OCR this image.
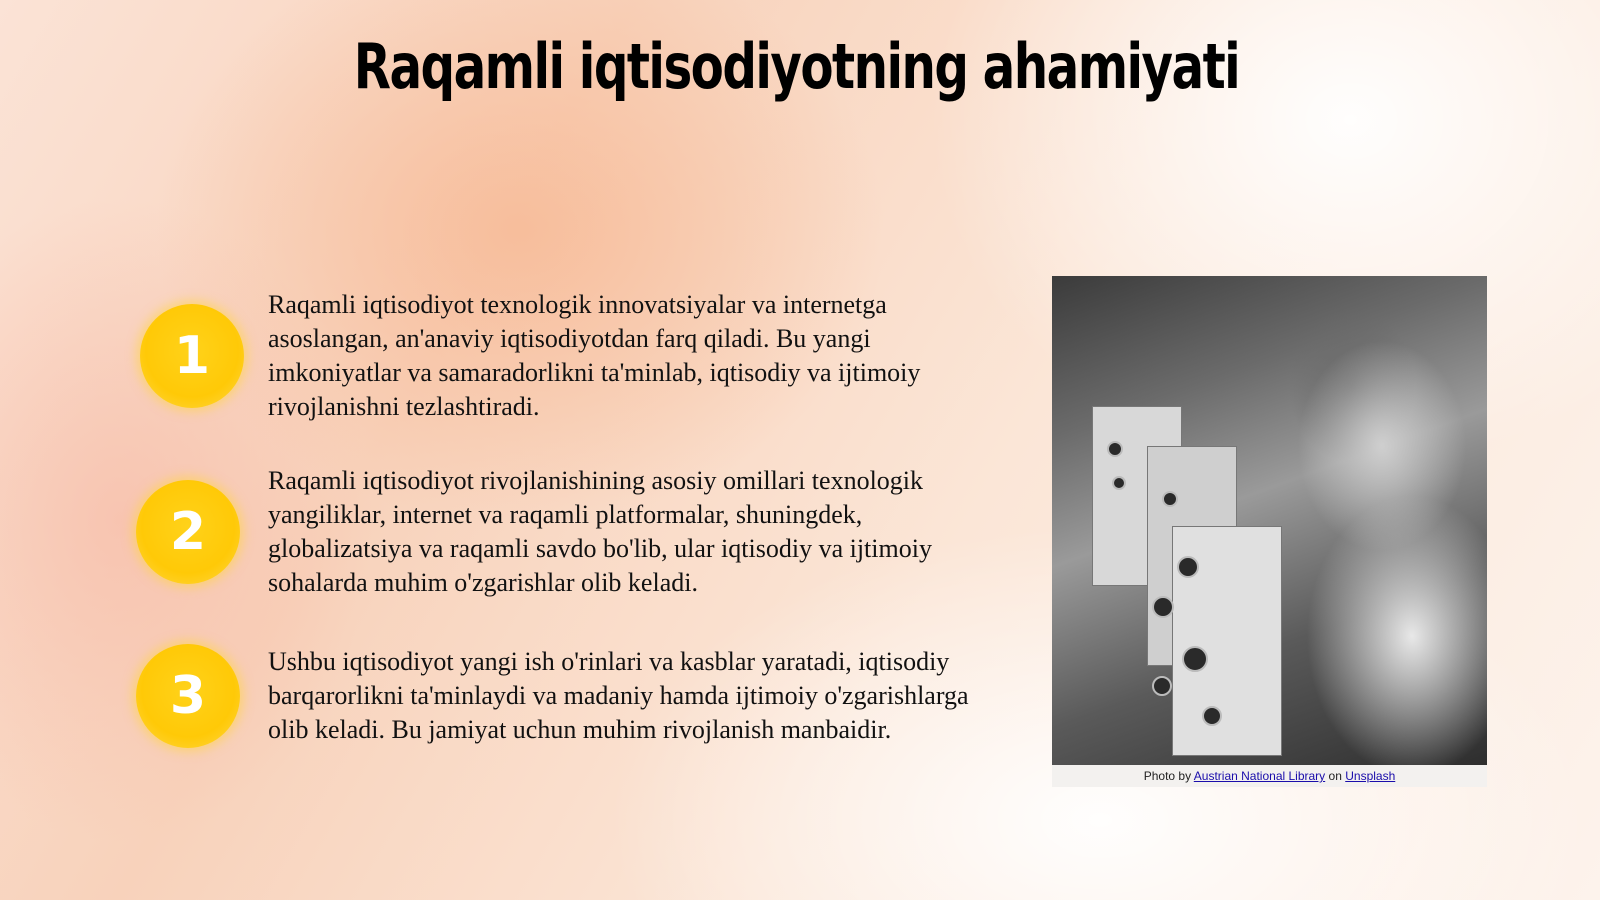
Raqamli iqtisodiyotning ahamiyati
1
Raqamli iqtisodiyot texnologik innovatsiyalar va internetga asoslangan, an'anaviy iqtisodiyotdan farq qiladi. Bu yangi imkoniyatlar va samaradorlikni ta'minlab, iqtisodiy va ijtimoiy rivojlanishni tezlashtiradi.
2
Raqamli iqtisodiyot rivojlanishining asosiy omillari texnologik yangiliklar, internet va raqamli platformalar, shuningdek, globalizatsiya va raqamli savdo bo'lib, ular iqtisodiy va ijtimoiy sohalarda muhim o'zgarishlar olib keladi.
3
Ushbu iqtisodiyot yangi ish o'rinlari va kasblar yaratadi, iqtisodiy barqarorlikni ta'minlaydi va madaniy hamda ijtimoiy o'zgarishlarga olib keladi. Bu jamiyat uchun muhim rivojlanish manbaidir.
Photo by Austrian National Library on Unsplash
